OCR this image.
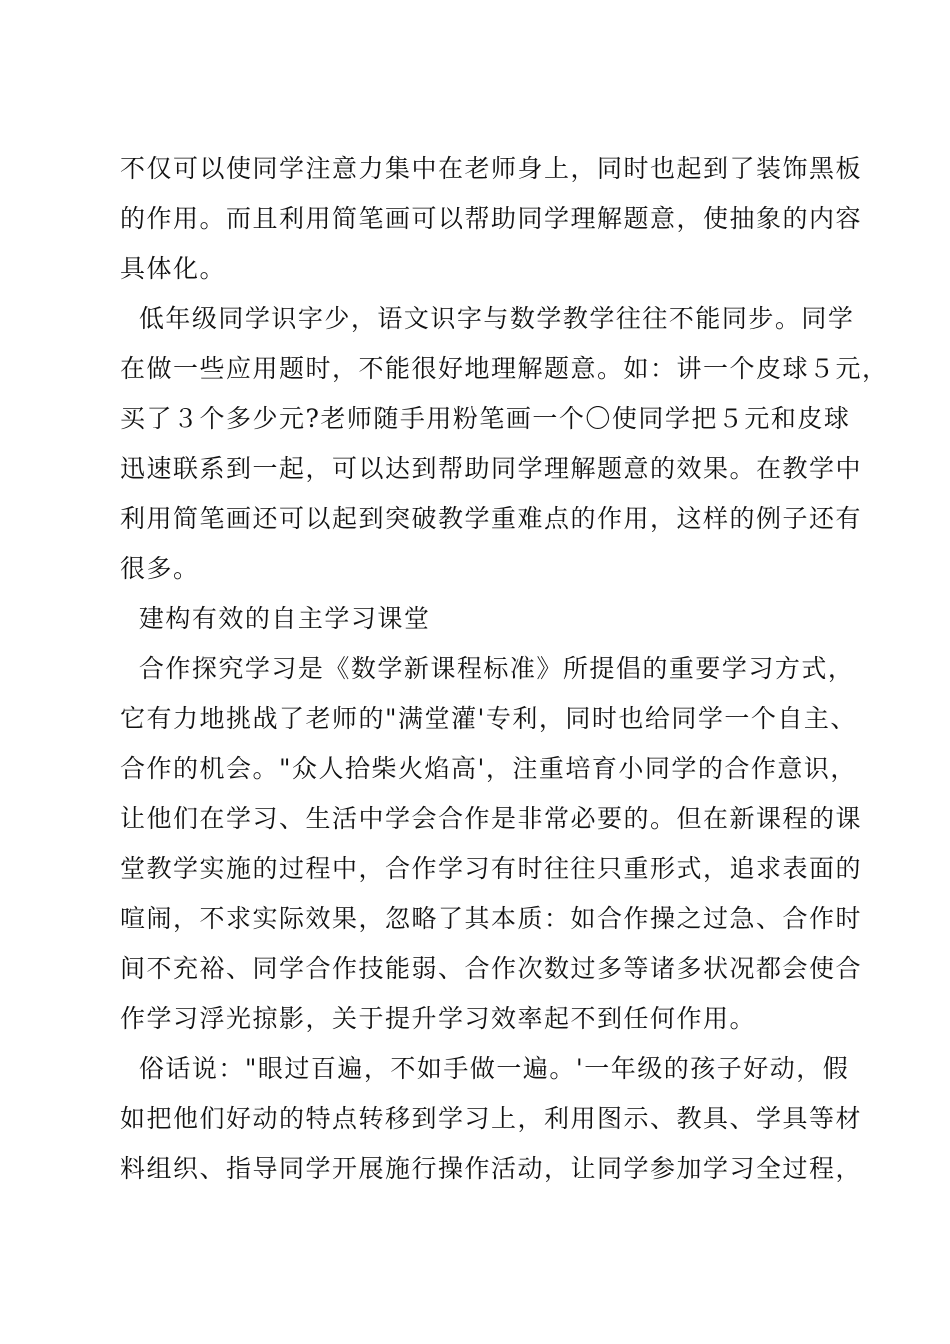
不仅可以使同学注意力集中在老师身上，同时也起到了装饰黑板
的作用。而且利用简笔画可以帮助同学理解题意，使抽象的内容
具体化。
低年级同学识字少，语文识字与数学教学往往不能同步。同学
在做一些应用题时，不能很好地理解题意。如：讲一个皮球５元，
买了３个多少元?老师随手用粉笔画一个〇使同学把５元和皮球
迅速联系到一起，可以达到帮助同学理解题意的效果。在教学中
利用简笔画还可以起到突破教学重难点的作用，这样的例子还有
很多。
建构有效的自主学习课堂
合作探究学习是《数学新课程标准》所提倡的重要学习方式，
它有力地挑战了老师的"满堂灌'专利，同时也给同学一个自主、
合作的机会。"众人拾柴火焰高'，注重培育小同学的合作意识，
让他们在学习、生活中学会合作是非常必要的。但在新课程的课
堂教学实施的过程中，合作学习有时往往只重形式，追求表面的
喧闹，不求实际效果，忽略了其本质：如合作操之过急、合作时
间不充裕、同学合作技能弱、合作次数过多等诸多状况都会使合
作学习浮光掠影，关于提升学习效率起不到任何作用。
俗话说："眼过百遍，不如手做一遍。'一年级的孩子好动，假
如把他们好动的特点转移到学习上，利用图示、教具、学具等材
料组织、指导同学开展施行操作活动，让同学参加学习全过程，
